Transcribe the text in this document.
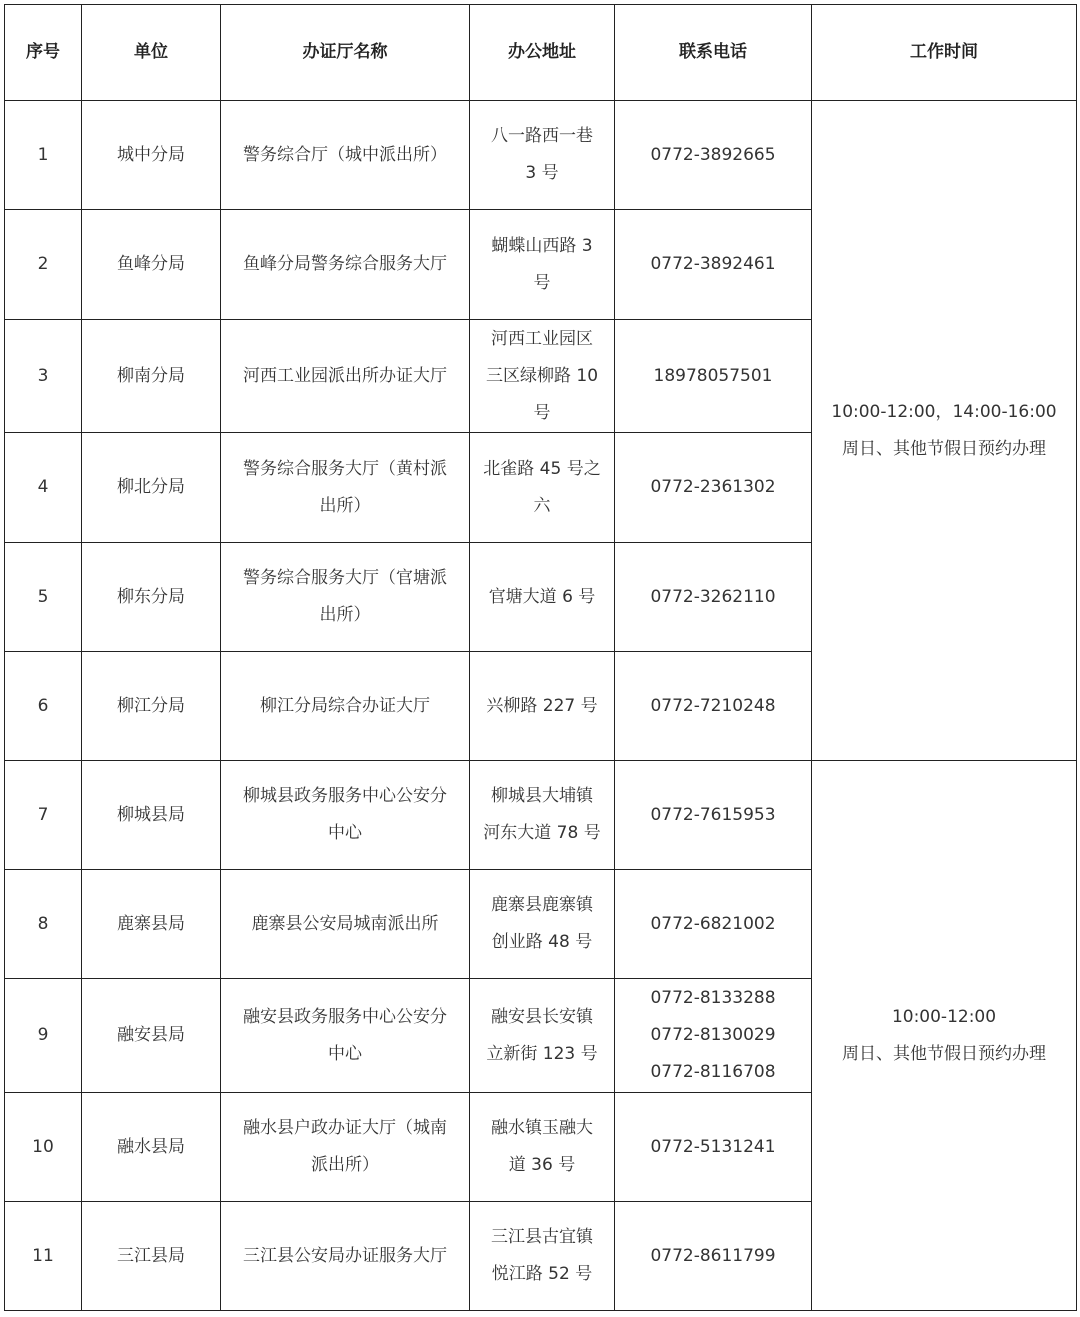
序号	单位	办证厅名称	办公地址	联系电话	工作时间
1	城中分局	警务综合厅（城中派出所）	八一路西一巷
3 号	0772-3892665	10:00-12:00，14:00-16:00
周日、其他节假日预约办理

2	鱼峰分局	鱼峰分局警务综合服务大厅	蝴蝶山西路 3
号	0772-3892461	

3	柳南分局	河西工业园派出所办证大厅	河西工业园区
三区绿柳路 10
号	18978057501	

4	柳北分局	警务综合服务大厅（黄村派
出所）	北雀路 45 号之
六	0772-2361302	

5	柳东分局	警务综合服务大厅（官塘派
出所）	官塘大道 6 号	0772-3262110	

6	柳江分局	柳江分局综合办证大厅	兴柳路 227 号	0772-7210248	

7	柳城县局	柳城县政务服务中心公安分
中心	柳城县大埔镇
河东大道 78 号	0772-7615953	10:00-12:00
周日、其他节假日预约办理

8	鹿寨县局	鹿寨县公安局城南派出所	鹿寨县鹿寨镇
创业路 48 号	0772-6821002	

9	融安县局	融安县政务服务中心公安分
中心	融安县长安镇
立新街 123 号	0772-8133288
0772-8130029
0772-8116708	

10	融水县局	融水县户政办证大厅（城南
派出所）	融水镇玉融大
道 36 号	0772-5131241	

11	三江县局	三江县公安局办证服务大厅	三江县古宜镇
悦江路 52 号	0772-8611799	
